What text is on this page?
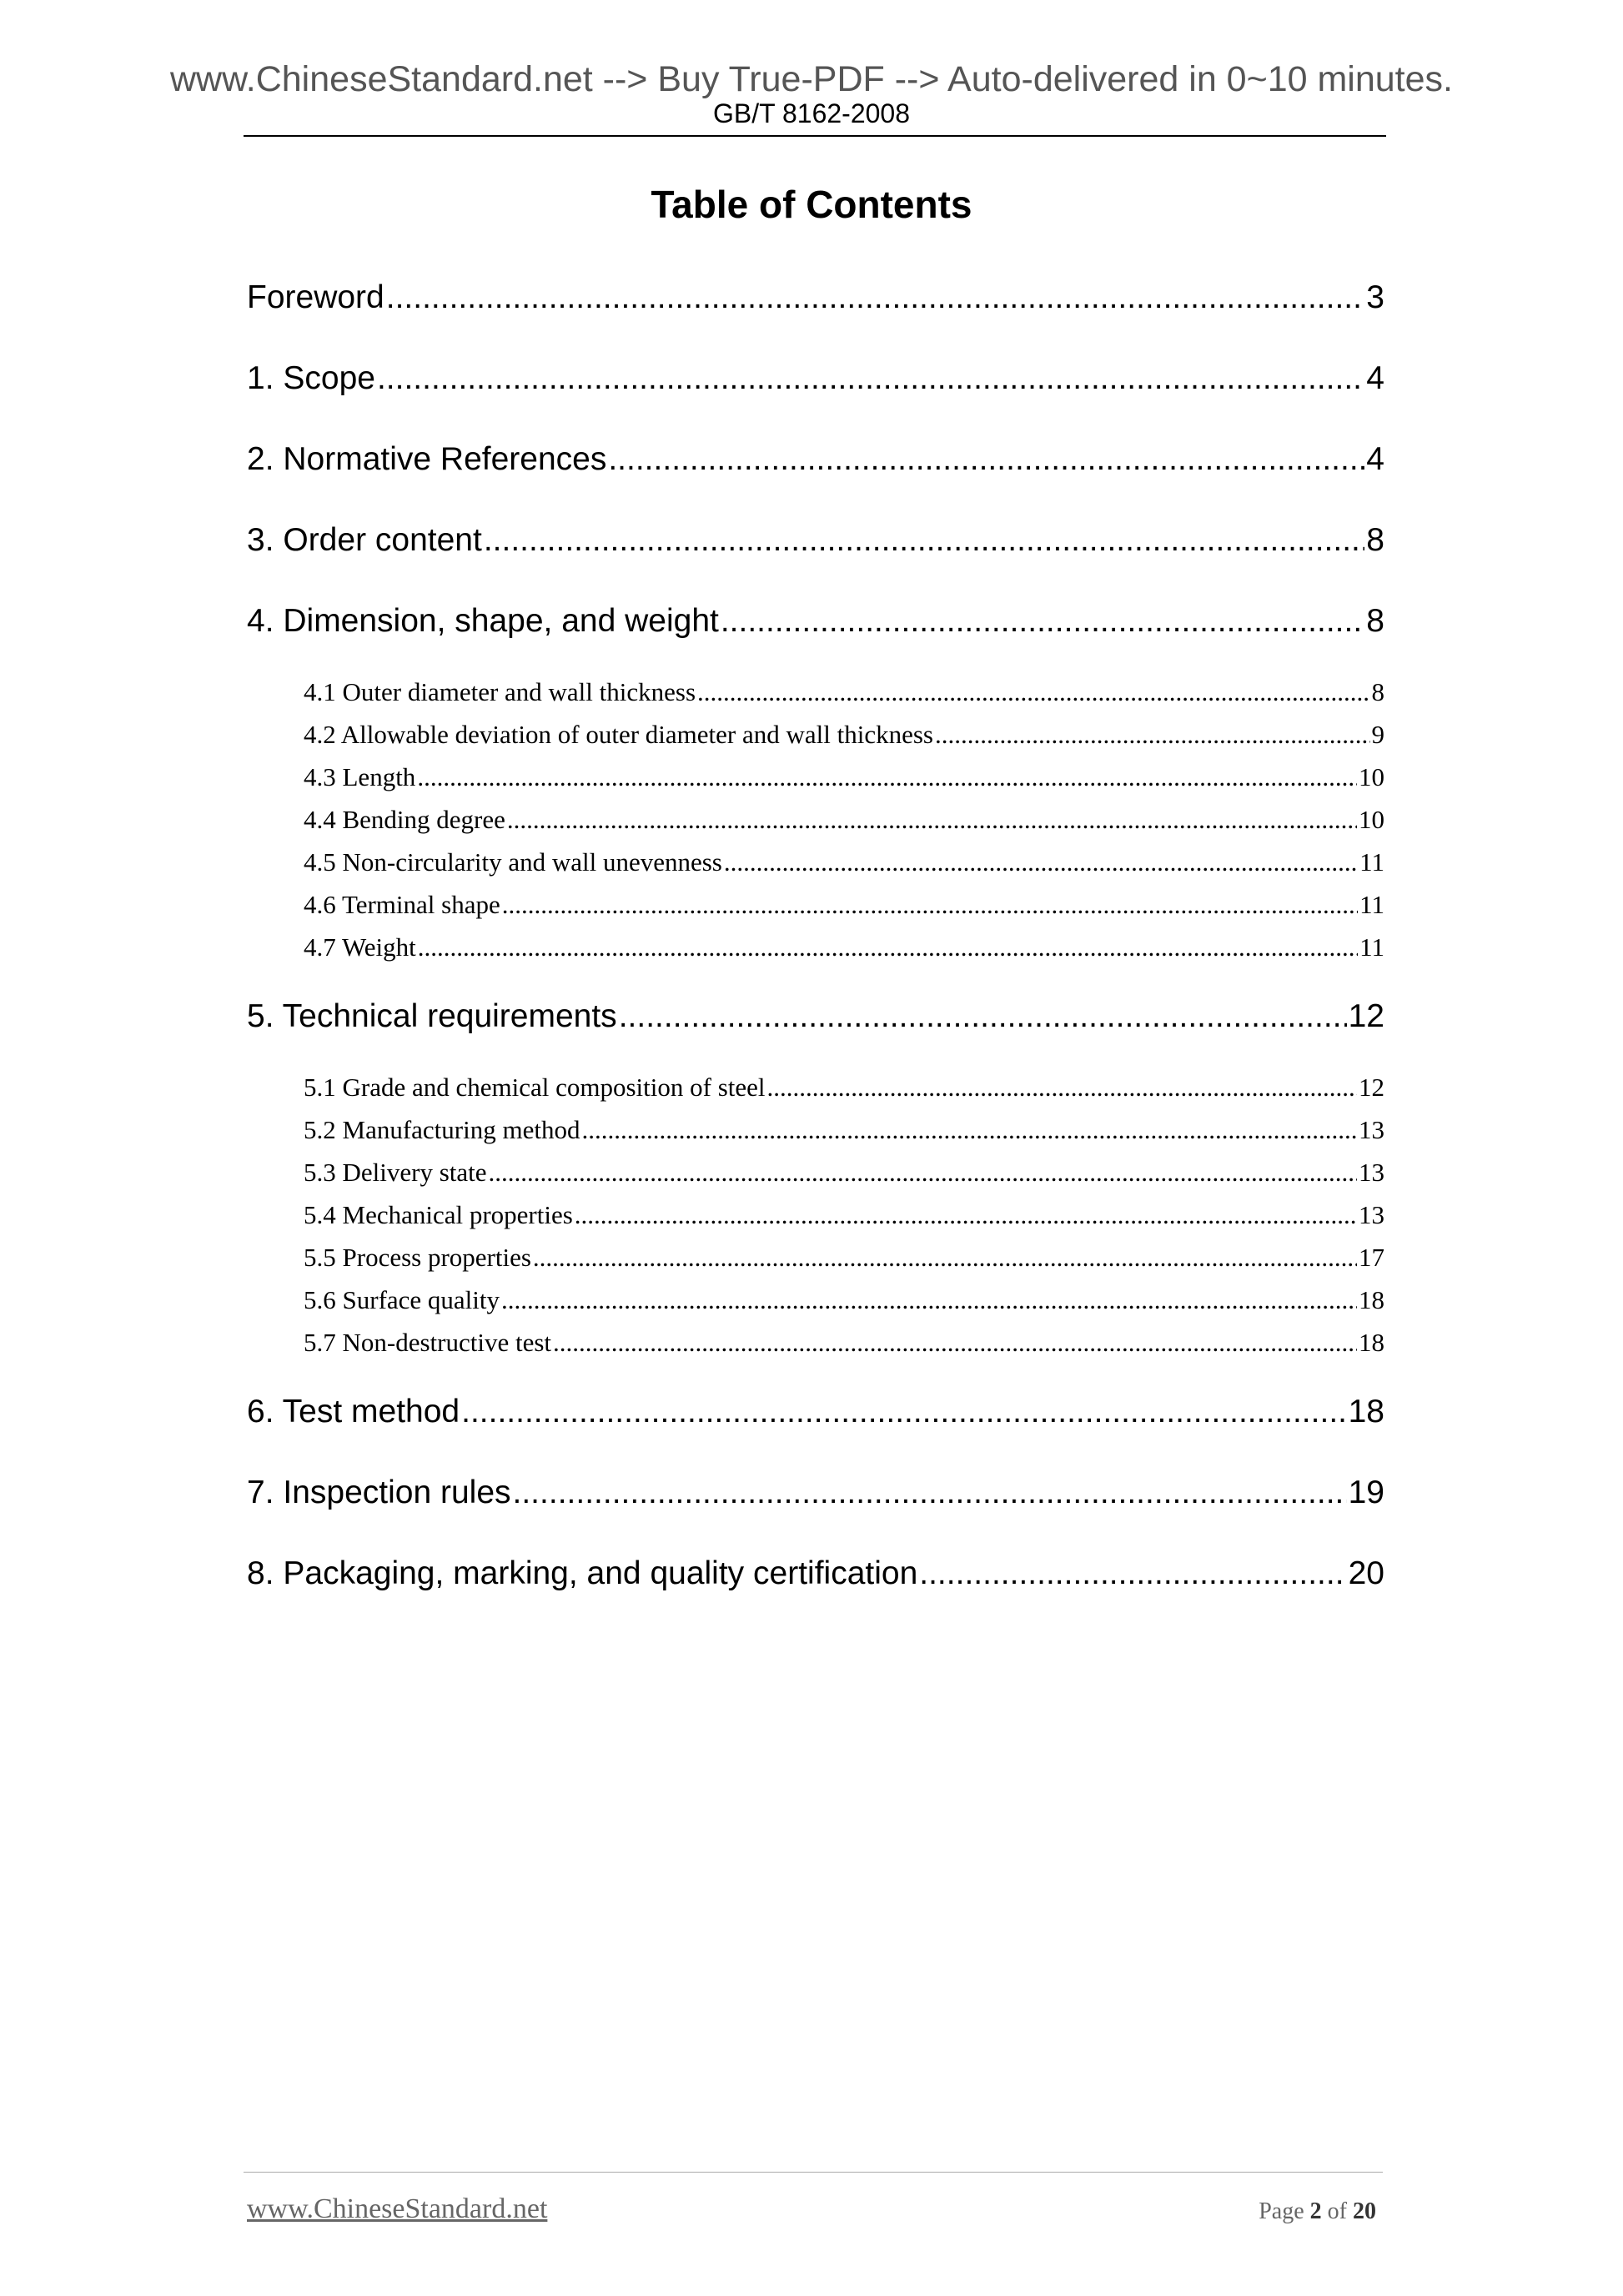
www.ChineseStandard.net --> Buy True-PDF --> Auto-delivered in 0~10 minutes.
GB/T 8162-2008
Table of Contents
Foreword .....	3
1. Scope .....	4
2. Normative References .....	4
3. Order content .....	8
4. Dimension, shape, and weight .....	8
4.1 Outer diameter and wall thickness .....	8
4.2 Allowable deviation of outer diameter and wall thickness .....	9
4.3 Length .....	10
4.4 Bending degree .....	10
4.5 Non-circularity and wall unevenness .....	11
4.6 Terminal shape .....	11
4.7 Weight .....	11
5. Technical requirements .....	12
5.1 Grade and chemical composition of steel .....	12
5.2 Manufacturing method .....	13
5.3 Delivery state .....	13
5.4 Mechanical properties .....	13
5.5 Process properties .....	17
5.6 Surface quality .....	18
5.7 Non-destructive test .....	18
6. Test method .....	18
7. Inspection rules .....	19
8. Packaging, marking, and quality certification .....	20
www.ChineseStandard.net	Page 2 of 20
